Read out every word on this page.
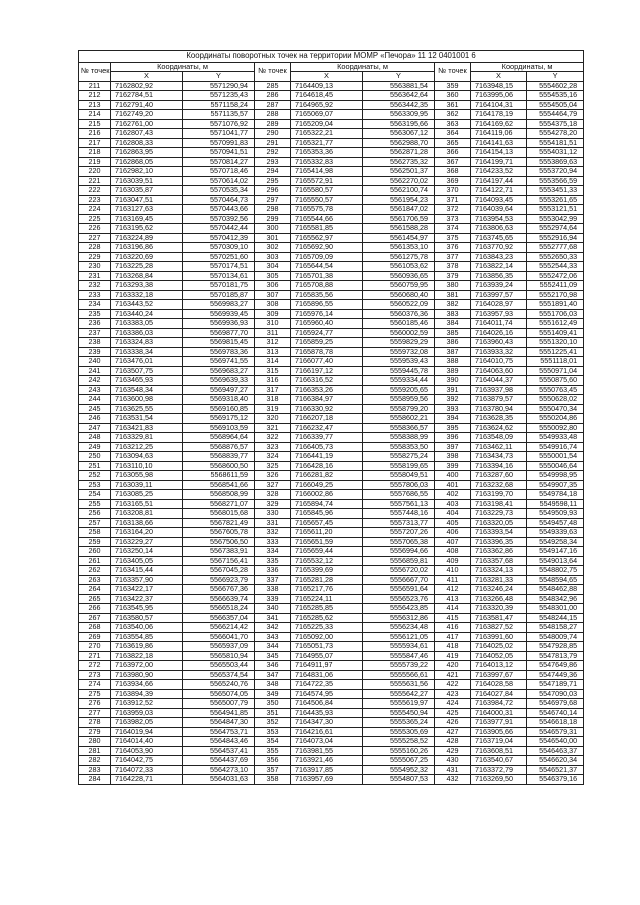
Координаты поворотных точек на территории МОМР «Печора» 11 12 0401001 6								
№ точек	Координаты, м		№ точек	Координаты, м		№ точек	Координаты, м	
	X	Y		X	Y		X	Y
211	7162802,92	5571290,94	285	7164409,13	5563881,54	359	7163948,15	5554602,28
212	7162784,51	5571235,43	286	7164618,45	5563642,64	360	7163995,06	5554535,16
213	7162791,40	5571158,24	287	7164965,92	5563442,35	361	7164104,31	5554505,04
214	7162749,20	5571135,57	288	7165069,07	5563309,95	362	7164178,19	5554464,79
215	7162761,00	5571076,92	289	7165209,04	5563195,66	363	7164169,62	5554375,18
216	7162807,43	5571041,77	290	7165322,21	5563067,12	364	7164119,06	5554278,20
217	7162808,33	5570991,83	291	7165321,77	5562988,70	365	7164141,63	5554181,51
218	7162863,95	5570941,51	292	7165353,36	5562871,28	366	7164154,13	5554031,12
219	7162868,05	5570814,27	293	7165332,83	5562735,32	367	7164199,71	5553869,63
220	7162982,10	5570718,46	294	7165414,98	5562501,37	368	7164233,52	5553720,94
221	7163039,51	5570614,02	295	7165572,91	5562270,02	369	7164197,44	5553566,59
222	7163035,87	5570535,34	296	7165580,57	5562100,74	370	7164122,71	5553451,33
223	7163047,51	5570464,73	297	7165550,57	5561954,23	371	7164093,45	5553261,65
224	7163127,63	5570443,66	298	7165575,78	5561847,02	372	7164039,64	5553121,51
225	7163169,45	5570392,56	299	7165544,66	5561706,59	373	7163954,53	5553042,99
226	7163195,62	5570442,44	300	7165581,85	5561588,28	374	7163806,63	5552974,64
227	7163224,89	5570412,39	301	7165562,97	5561454,97	375	7163745,65	5552916,94
228	7163196,86	5570309,10	302	7165692,90	5561353,10	376	7163770,92	5552777,68
229	7163220,69	5570251,60	303	7165709,09	5561275,78	377	7163843,23	5552650,33
230	7163225,28	5570174,51	304	7165644,54	5561053,62	378	7163822,14	5552544,33
231	7163268,84	5570134,61	305	7165701,38	5560936,65	379	7163856,35	5552472,06
232	7163293,38	5570181,75	306	7165708,88	5560759,95	380	7163939,24	5552411,09
233	7163332,18	5570185,87	307	7165835,56	5560680,40	381	7163997,57	5552170,98
234	7163443,52	5569983,27	308	7165896,55	5560522,09	382	7164028,97	5551891,40
235	7163440,24	5569939,45	309	7165976,14	5560376,36	383	7163957,93	5551706,03
236	7163383,05	5569936,93	310	7165960,40	5560185,46	384	7164011,74	5551612,49
237	7163386,03	5569877,70	311	7165924,77	5560002,59	385	7164026,16	5551409,41
238	7163324,83	5569815,45	312	7165859,25	5559829,29	386	7163960,43	5551320,10
239	7163338,34	5569783,36	313	7165878,78	5559732,08	387	7163933,32	5551225,41
240	7163476,01	5569741,55	314	7166077,40	5559539,43	388	7164010,75	5551118,01
241	7163507,75	5569683,27	315	7166197,12	5559445,78	389	7164063,60	5550971,04
242	7163465,93	5569639,33	316	7166316,52	5559334,44	390	7164044,37	5550875,60
243	7163548,34	5569497,27	317	7166353,26	5559205,65	391	7163937,98	5550763,45
244	7163600,98	5569318,40	318	7166384,97	5558959,56	392	7163879,57	5550628,02
245	7163625,55	5569160,85	319	7166330,92	5558799,20	393	7163780,94	5550470,34
246	7163531,54	5569175,12	320	7166207,18	5558602,21	394	7163628,35	5550204,86
247	7163421,83	5569103,59	321	7166232,47	5558366,57	395	7163624,62	5550092,80
248	7163329,81	5568964,64	322	7166339,77	5558388,99	396	7163548,09	5549933,48
249	7163212,25	5568876,57	323	7166405,73	5558353,50	397	7163462,11	5549916,74
250	7163094,63	5568839,77	324	7166441,19	5558275,24	398	7163434,73	5550001,54
251	7163110,10	5568600,50	325	7166428,16	5558199,65	399	7163394,16	5550046,64
252	7163055,98	5568611,59	326	7166281,82	5558049,51	400	7163287,60	5549998,95
253	7163039,11	5568541,66	327	7166049,25	5557806,03	401	7163232,68	5549907,35
254	7163085,25	5568508,99	328	7166002,86	5557686,55	402	7163199,70	5549784,18
255	7163165,51	5568271,07	329	7165894,74	5557561,13	403	7163198,41	5549598,11
256	7163208,81	5568015,68	330	7165845,96	5557448,16	404	7163229,73	5549509,93
257	7163138,66	5567821,49	331	7165657,45	5557313,77	405	7163320,05	5549457,48
258	7163164,20	5567605,78	332	7165611,20	5557207,26	406	7163393,54	5549339,63
259	7163229,27	5567506,50	333	7165651,59	5557065,38	407	7163396,35	5549258,34
260	7163250,14	5567383,91	334	7165659,44	5556994,66	408	7163362,86	5549147,16
261	7163405,05	5567156,41	335	7165532,12	5556859,81	409	7163357,68	5549013,64
262	7163415,44	5567045,28	336	7165399,69	5556720,02	410	7163324,13	5548802,75
263	7163357,90	5566923,79	337	7165281,28	5556667,70	411	7163281,33	5548594,65
264	7163422,17	5566767,36	338	7165217,76	5556591,64	412	7163246,24	5548462,88
265	7163422,37	5566639,74	339	7165224,11	5556523,76	413	7163266,48	5548342,96
266	7163545,95	5566518,24	340	7165285,85	5556423,85	414	7163320,39	5548301,00
267	7163580,57	5566357,04	341	7165285,62	5556312,86	415	7163581,47	5548244,15
268	7163540,06	5566214,42	342	7165225,33	5556234,48	416	7163827,52	5548158,27
269	7163554,85	5566041,70	343	7165092,00	5556121,05	417	7163991,60	5548009,74
270	7163619,86	5565937,09	344	7165051,73	5555934,61	418	7164025,02	5547928,85
271	7163822,18	5565810,94	345	7164955,07	5555847,46	419	7164052,05	5547813,79
272	7163972,00	5565503,44	346	7164911,97	5555739,22	420	7164013,12	5547649,86
273	7163980,90	5565374,54	347	7164831,06	5555566,61	421	7163997,67	5547449,36
274	7163934,66	5565240,76	348	7164722,35	5555631,56	422	7164028,58	5547189,71
275	7163894,39	5565074,05	349	7164574,95	5555642,27	423	7164027,84	5547090,03
276	7163912,52	5565007,79	350	7164506,84	5555619,97	424	7163984,72	5546979,68
277	7163959,03	5564941,85	351	7164435,93	5555450,94	425	7164000,31	5546740,14
278	7163982,05	5564847,30	352	7164347,30	5555365,24	426	7163977,91	5546618,18
279	7164019,94	5564753,71	353	7164216,61	5555305,69	427	7163905,66	5546579,31
280	7164014,40	5564843,46	354	7164073,04	5555258,52	428	7163719,04	5546540,00
281	7164053,90	5564537,41	355	7163981,55	5555160,26	429	7163608,51	5546463,37
282	7164042,75	5564437,69	356	7163921,46	5555067,25	430	7163540,67	5546620,34
283	7164072,33	5564273,10	357	7163917,85	5554952,32	431	7163372,79	5546521,37
284	7164228,71	5564031,63	358	7163957,69	5554807,53	432	7163269,50	5546379,16
